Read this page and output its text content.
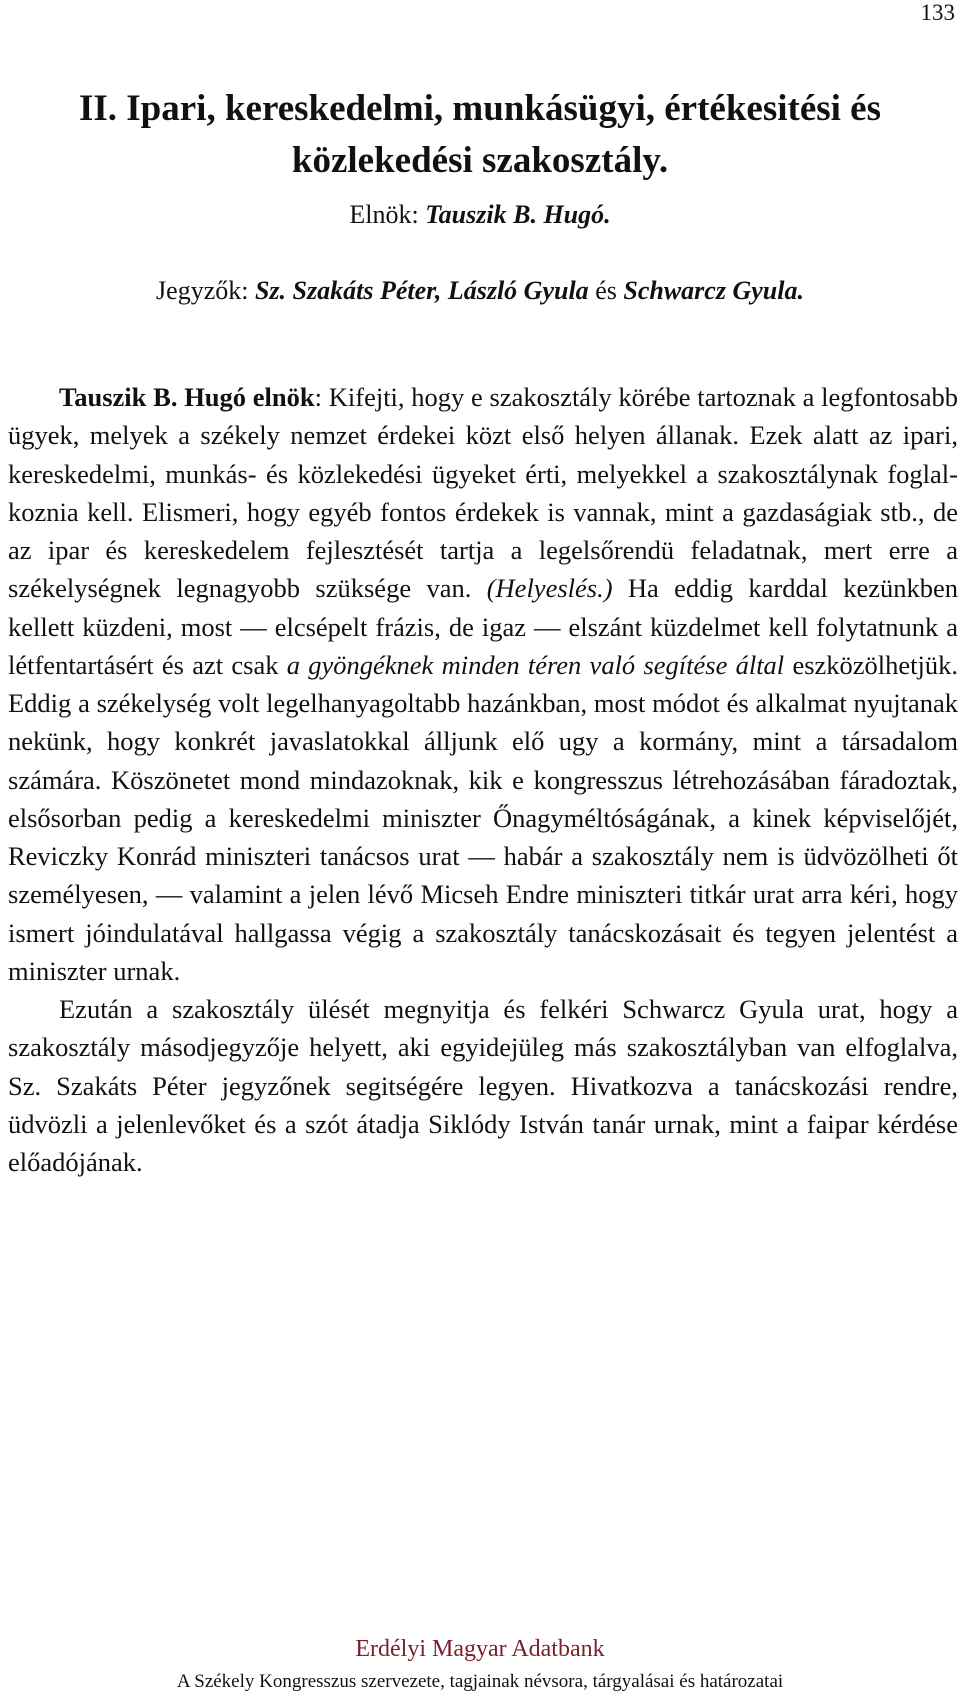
133
II. Ipari, kereskedelmi, munkásügyi, értékesitési és közlekedési szakosztály.
Elnök: Tauszik B. Hugó.
Jegyzők: Sz. Szakáts Péter, László Gyula és Schwarcz Gyula.

Tauszik B. Hugó elnök: Kifejti, hogy e szakosztály körébe tartoznak a legfontosabb ügyek, melyek a székely nemzet érdekei közt első helyen állanak. Ezek alatt az ipari, kereskedelmi, munkás- és közlekedési ügyeket érti, melyekkel a szakosztálynak foglalkoznia kell. Elismeri, hogy egyéb fontos érdekek is vannak, mint a gazdaságiak stb., de az ipar és kereskedelem fejlesztését tartja a legelsőrendü feladatnak, mert erre a székelységnek legnagyobb szüksége van. (Helyeslés.) Ha eddig karddal kezünkben kellett küzdeni, most — elcsépelt frázis, de igaz — elszánt küzdelmet kell folytatnunk a létfentartásért és azt csak a gyöngéknek minden téren való segítése által eszközölhetjük. Eddig a székelység volt legelhanyagoltabb hazánkban, most módot és alkalmat nyujtanak nekünk, hogy konkrét javaslatokkal álljunk elő ugy a kormány, mint a társadalom számára. Köszönetet mond mindazoknak, kik e kongresszus létrehozásában fáradoztak, elsősorban pedig a kereskedelmi miniszter Őnagyméltóságának, a kinek képviselőjét, Reviczky Konrád miniszteri tanácsos urat — habár a szakosztály nem is üdvözölheti őt személyesen, — valamint a jelen lévő Micseh Endre miniszteri titkár urat arra kéri, hogy ismert jóindulatával hallgassa végig a szakosztály tanácskozásait és tegyen jelentést a miniszter urnak.

Ezután a szakosztály ülését megnyitja és felkéri Schwarcz Gyula urat, hogy a szakosztály másodjegyzője helyett, aki egyidejüleg más szakosztályban van elfoglalva, Sz. Szakáts Péter jegyzőnek segitségére legyen. Hivatkozva a tanácskozási rendre, üdvözli a jelenlevőket és a szót átadja Siklódy István tanár urnak, mint a faipar kérdése előadójának.

Erdélyi Magyar Adatbank
A Székely Kongresszus szervezete, tagjainak névsora, tárgyalásai és határozatai
